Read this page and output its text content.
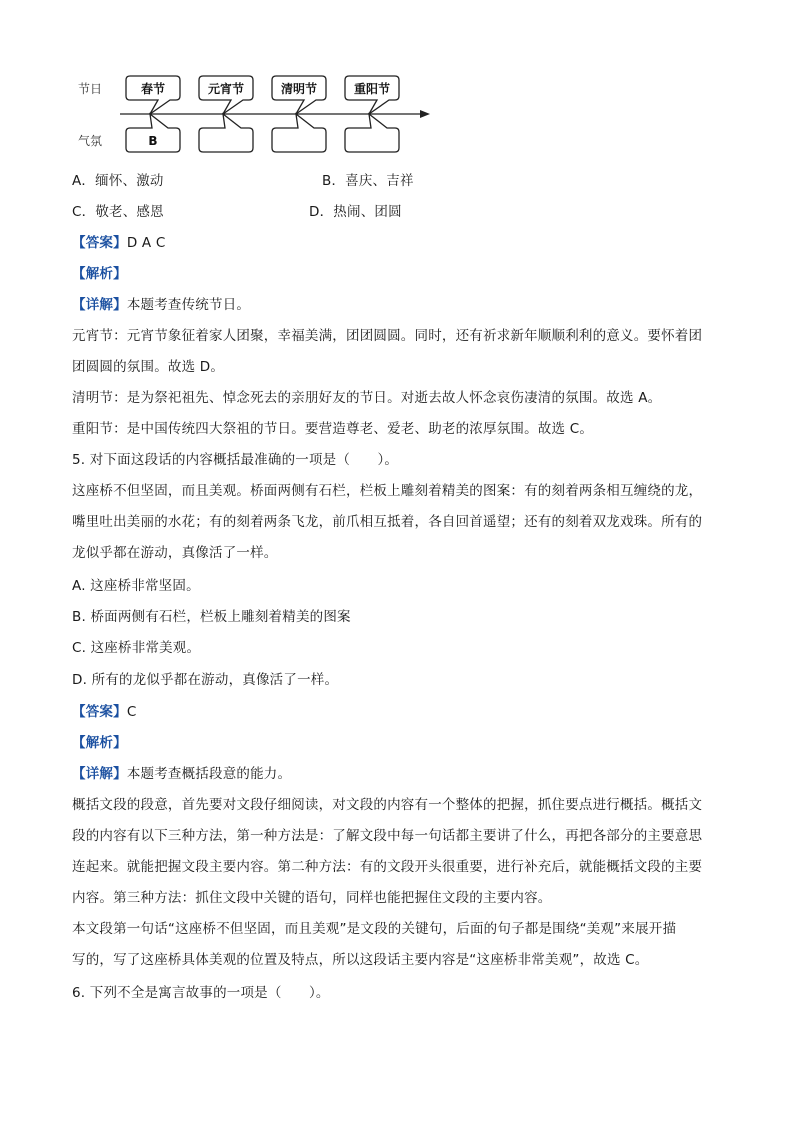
节日
气氛
春节
B
元宵节	清明节	重阳节
A．缅怀、激动	B．喜庆、吉祥
C．敬老、感恩	D．热闹、团圆
【答案】D A C
【解析】
【详解】本题考查传统节日。
元宵节：元宵节象征着家人团聚，幸福美满，团团圆圆。同时，还有祈求新年顺顺利利的意义。要怀着团
团圆圆的氛围。故选 D。
清明节：是为祭祀祖先、悼念死去的亲朋好友的节日。对逝去故人怀念哀伤凄清的氛围。故选 A。
重阳节：是中国传统四大祭祖的节日。要营造尊老、爱老、助老的浓厚氛围。故选 C。
5. 对下面这段话的内容概括最准确的一项是（　　）。
这座桥不但坚固，而且美观。桥面两侧有石栏，栏板上雕刻着精美的图案：有的刻着两条相互缠绕的龙，
嘴里吐出美丽的水花；有的刻着两条飞龙，前爪相互抵着，各自回首遥望；还有的刻着双龙戏珠。所有的
龙似乎都在游动，真像活了一样。
A. 这座桥非常坚固。
B. 桥面两侧有石栏，栏板上雕刻着精美的图案
C. 这座桥非常美观。
D. 所有的龙似乎都在游动，真像活了一样。
【答案】C
【解析】
【详解】本题考查概括段意的能力。
概括文段的段意，首先要对文段仔细阅读，对文段的内容有一个整体的把握，抓住要点进行概括。概括文
段的内容有以下三种方法，第一种方法是：了解文段中每一句话都主要讲了什么，再把各部分的主要意思
连起来。就能把握文段主要内容。第二种方法：有的文段开头很重要，进行补充后，就能概括文段的主要
内容。第三种方法：抓住文段中关键的语句，同样也能把握住文段的主要内容。
本文段第一句话“这座桥不但坚固，而且美观”是文段的关键句，后面的句子都是围绕“美观”来展开描
写的，写了这座桥具体美观的位置及特点，所以这段话主要内容是“这座桥非常美观”，故选 C。
6. 下列不全是寓言故事的一项是（　　）。
